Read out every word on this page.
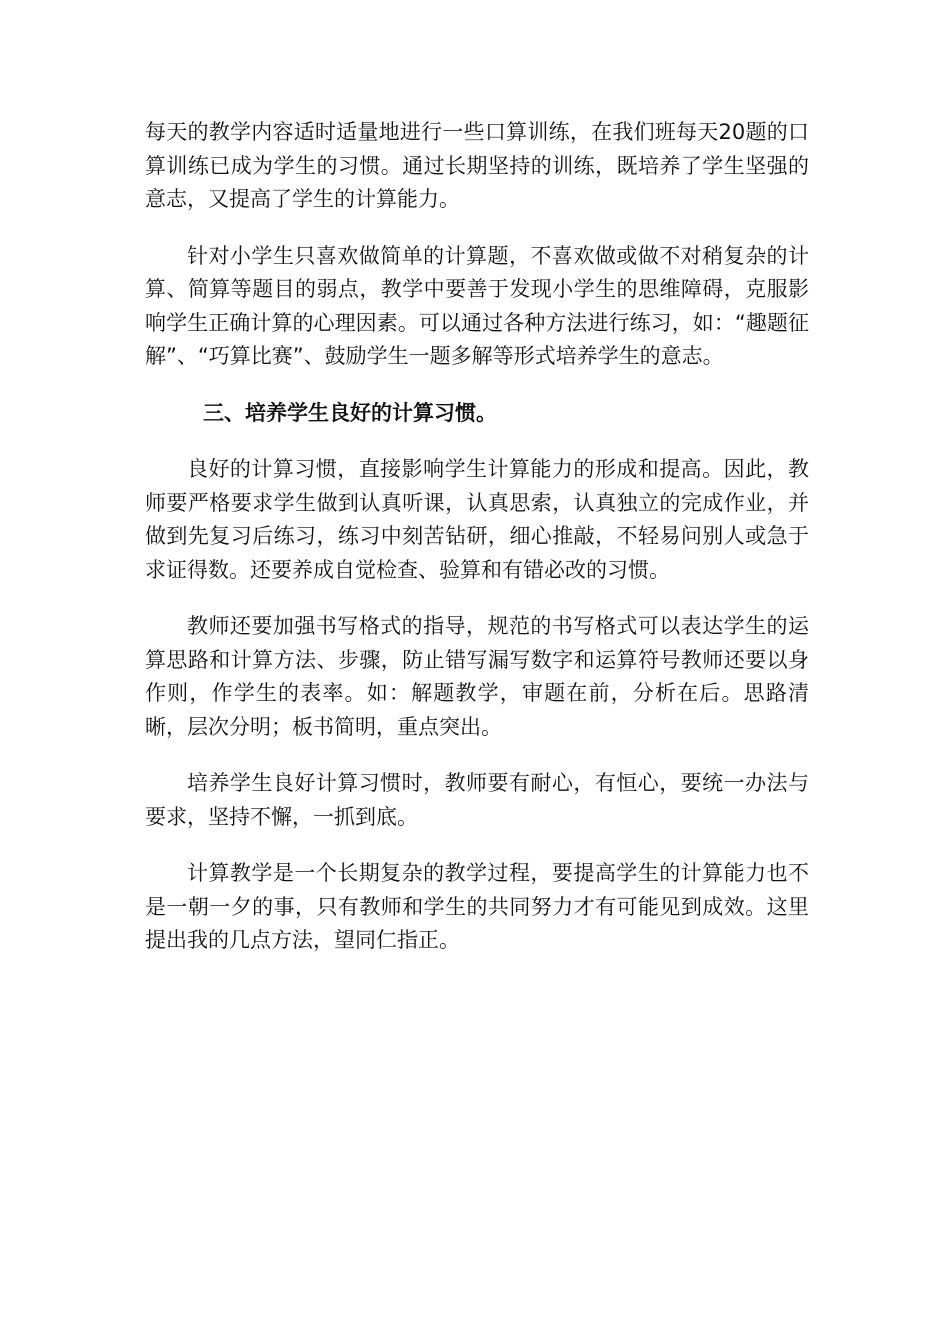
每天的教学内容适时适量地进行一些口算训练，在我们班每天20题的口算训练已成为学生的习惯。通过长期坚持的训练，既培养了学生坚强的意志，又提高了学生的计算能力。

针对小学生只喜欢做简单的计算题，不喜欢做或做不对稍复杂的计算、简算等题目的弱点，教学中要善于发现小学生的思维障碍，克服影响学生正确计算的心理因素。可以通过各种方法进行练习，如：“趣题征解”、“巧算比赛”、鼓励学生一题多解等形式培养学生的意志。

三、培养学生良好的计算习惯。

良好的计算习惯，直接影响学生计算能力的形成和提高。因此，教师要严格要求学生做到认真听课，认真思索，认真独立的完成作业，并做到先复习后练习，练习中刻苦钻研，细心推敲，不轻易问别人或急于求证得数。还要养成自觉检查、验算和有错必改的习惯。

教师还要加强书写格式的指导，规范的书写格式可以表达学生的运算思路和计算方法、步骤，防止错写漏写数字和运算符号教师还要以身作则，作学生的表率。如：解题教学，审题在前，分析在后。思路清晰，层次分明；板书简明，重点突出。

培养学生良好计算习惯时，教师要有耐心，有恒心，要统一办法与要求，坚持不懈，一抓到底。

计算教学是一个长期复杂的教学过程，要提高学生的计算能力也不是一朝一夕的事，只有教师和学生的共同努力才有可能见到成效。这里提出我的几点方法，望同仁指正。
